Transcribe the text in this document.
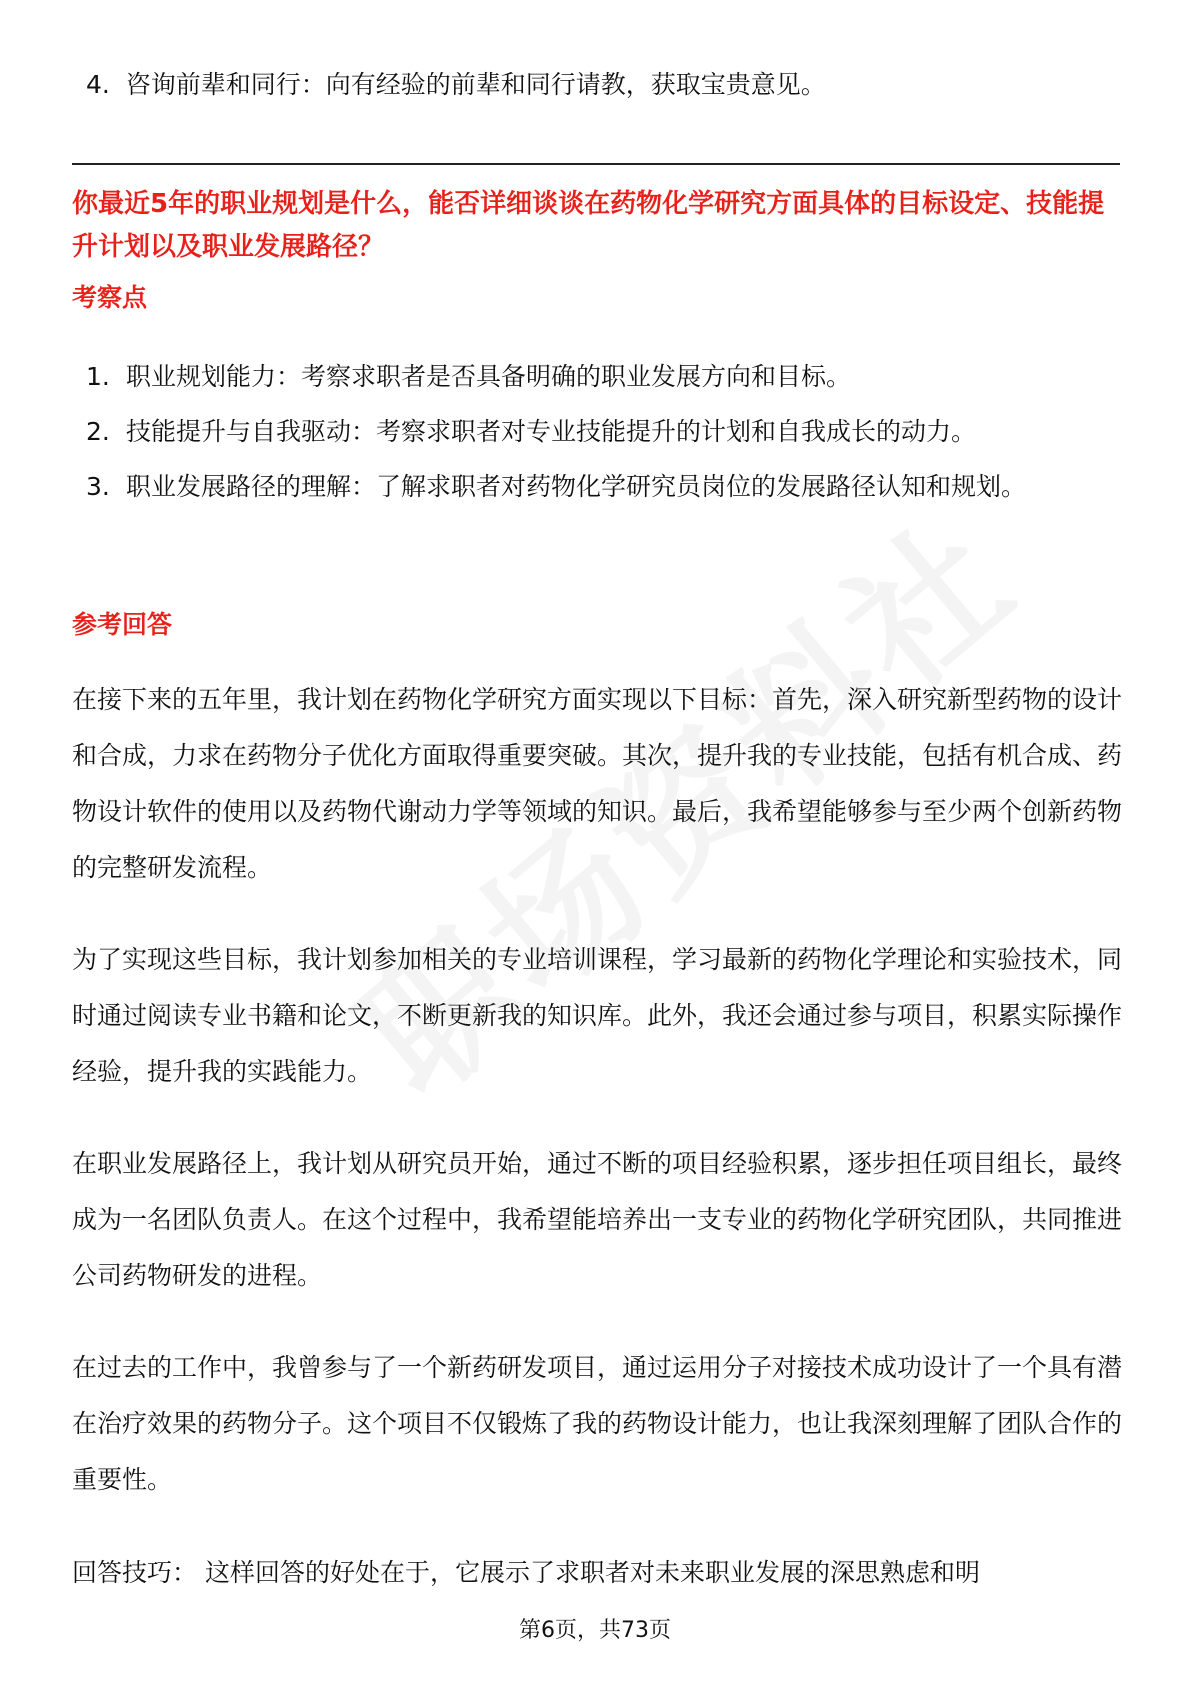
4. 咨询前辈和同行：向有经验的前辈和同行请教，获取宝贵意见。
你最近5年的职业规划是什么，能否详细谈谈在药物化学研究方面具体的目标设定、技能提升计划以及职业发展路径？
考察点
1. 职业规划能力：考察求职者是否具备明确的职业发展方向和目标。
2. 技能提升与自我驱动：考察求职者对专业技能提升的计划和自我成长的动力。
3. 职业发展路径的理解：了解求职者对药物化学研究员岗位的发展路径认知和规划。
参考回答

在接下来的五年里，我计划在药物化学研究方面实现以下目标：首先，深入研究新型药物的设计和合成，力求在药物分子优化方面取得重要突破。其次，提升我的专业技能，包括有机合成、药物设计软件的使用以及药物代谢动力学等领域的知识。最后，我希望能够参与至少两个创新药物的完整研发流程。

为了实现这些目标，我计划参加相关的专业培训课程，学习最新的药物化学理论和实验技术，同时通过阅读专业书籍和论文，不断更新我的知识库。此外，我还会通过参与项目，积累实际操作经验，提升我的实践能力。

在职业发展路径上，我计划从研究员开始，通过不断的项目经验积累，逐步担任项目组长，最终成为一名团队负责人。在这个过程中，我希望能培养出一支专业的药物化学研究团队，共同推进公司药物研发的进程。

在过去的工作中，我曾参与了一个新药研发项目，通过运用分子对接技术成功设计了一个具有潜在治疗效果的药物分子。这个项目不仅锻炼了我的药物设计能力，也让我深刻理解了团队合作的重要性。

回答技巧： 这样回答的好处在于，它展示了求职者对未来职业发展的深思熟虑和明

第6页，共73页
